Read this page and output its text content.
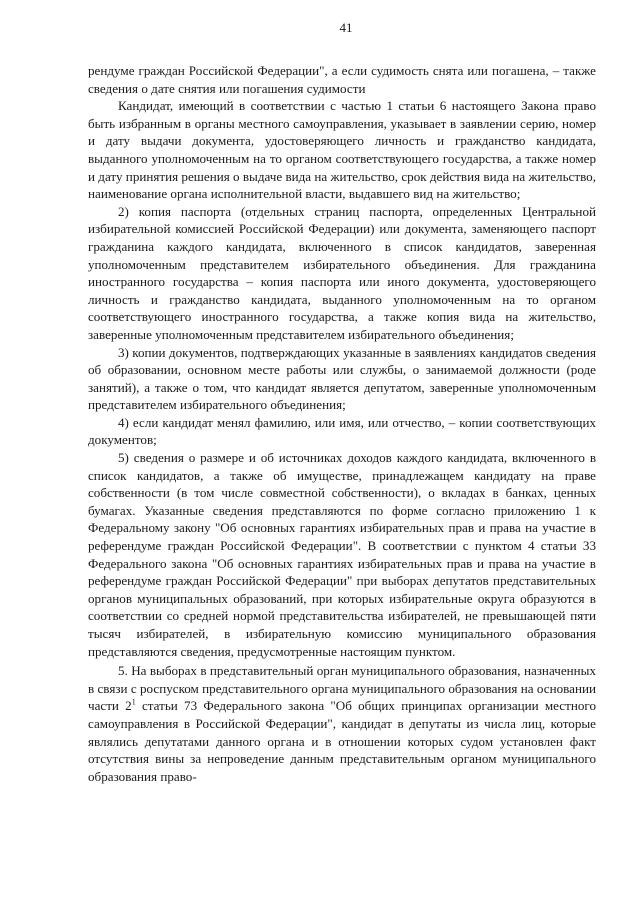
41

рендуме граждан Российской Федерации", а если судимость снята или погашена, – также сведения о дате снятия или погашения судимости

Кандидат, имеющий в соответствии с частью 1 статьи 6 настоящего Закона право быть избранным в органы местного самоуправления, указывает в заявлении серию, номер и дату выдачи документа, удостоверяющего личность и гражданство кандидата, выданного уполномоченным на то органом соответствующего государства, а также номер и дату принятия решения о выдаче вида на жительство, срок действия вида на жительство, наименование органа исполнительной власти, выдавшего вид на жительство;

2) копия паспорта (отдельных страниц паспорта, определенных Центральной избирательной комиссией Российской Федерации) или документа, заменяющего паспорт гражданина каждого кандидата, включенного в список кандидатов, заверенная уполномоченным представителем избирательного объединения. Для гражданина иностранного государства – копия паспорта или иного документа, удостоверяющего личность и гражданство кандидата, выданного уполномоченным на то органом соответствующего иностранного государства, а также копия вида на жительство, заверенные уполномоченным представителем избирательного объединения;

3) копии документов, подтверждающих указанные в заявлениях кандидатов сведения об образовании, основном месте работы или службы, о занимаемой должности (роде занятий), а также о том, что кандидат является депутатом, заверенные уполномоченным представителем избирательного объединения;

4) если кандидат менял фамилию, или имя, или отчество, – копии соответствующих документов;

5) сведения о размере и об источниках доходов каждого кандидата, включенного в список кандидатов, а также об имуществе, принадлежащем кандидату на праве собственности (в том числе совместной собственности), о вкладах в банках, ценных бумагах. Указанные сведения представляются по форме согласно приложению 1 к Федеральному закону "Об основных гарантиях избирательных прав и права на участие в референдуме граждан Российской Федерации". В соответствии с пунктом 4 статьи 33 Федерального закона "Об основных гарантиях избирательных прав и права на участие в референдуме граждан Российской Федерации" при выборах депутатов представительных органов муниципальных образований, при которых избирательные округа образуются в соответствии со средней нормой представительства избирателей, не превышающей пяти тысяч избирателей, в избирательную комиссию муниципального образования представляются сведения, предусмотренные настоящим пунктом.

5. На выборах в представительный орган муниципального образования, назначенных в связи с роспуском представительного органа муниципального образования на основании части $2^1$ статьи 73 Федерального закона "Об общих принципах организации местного самоуправления в Российской Федерации", кандидат в депутаты из числа лиц, которые являлись депутатами данного органа и в отношении которых судом установлен факт отсутствия вины за непроведение данным представительным органом муниципального образования право-
